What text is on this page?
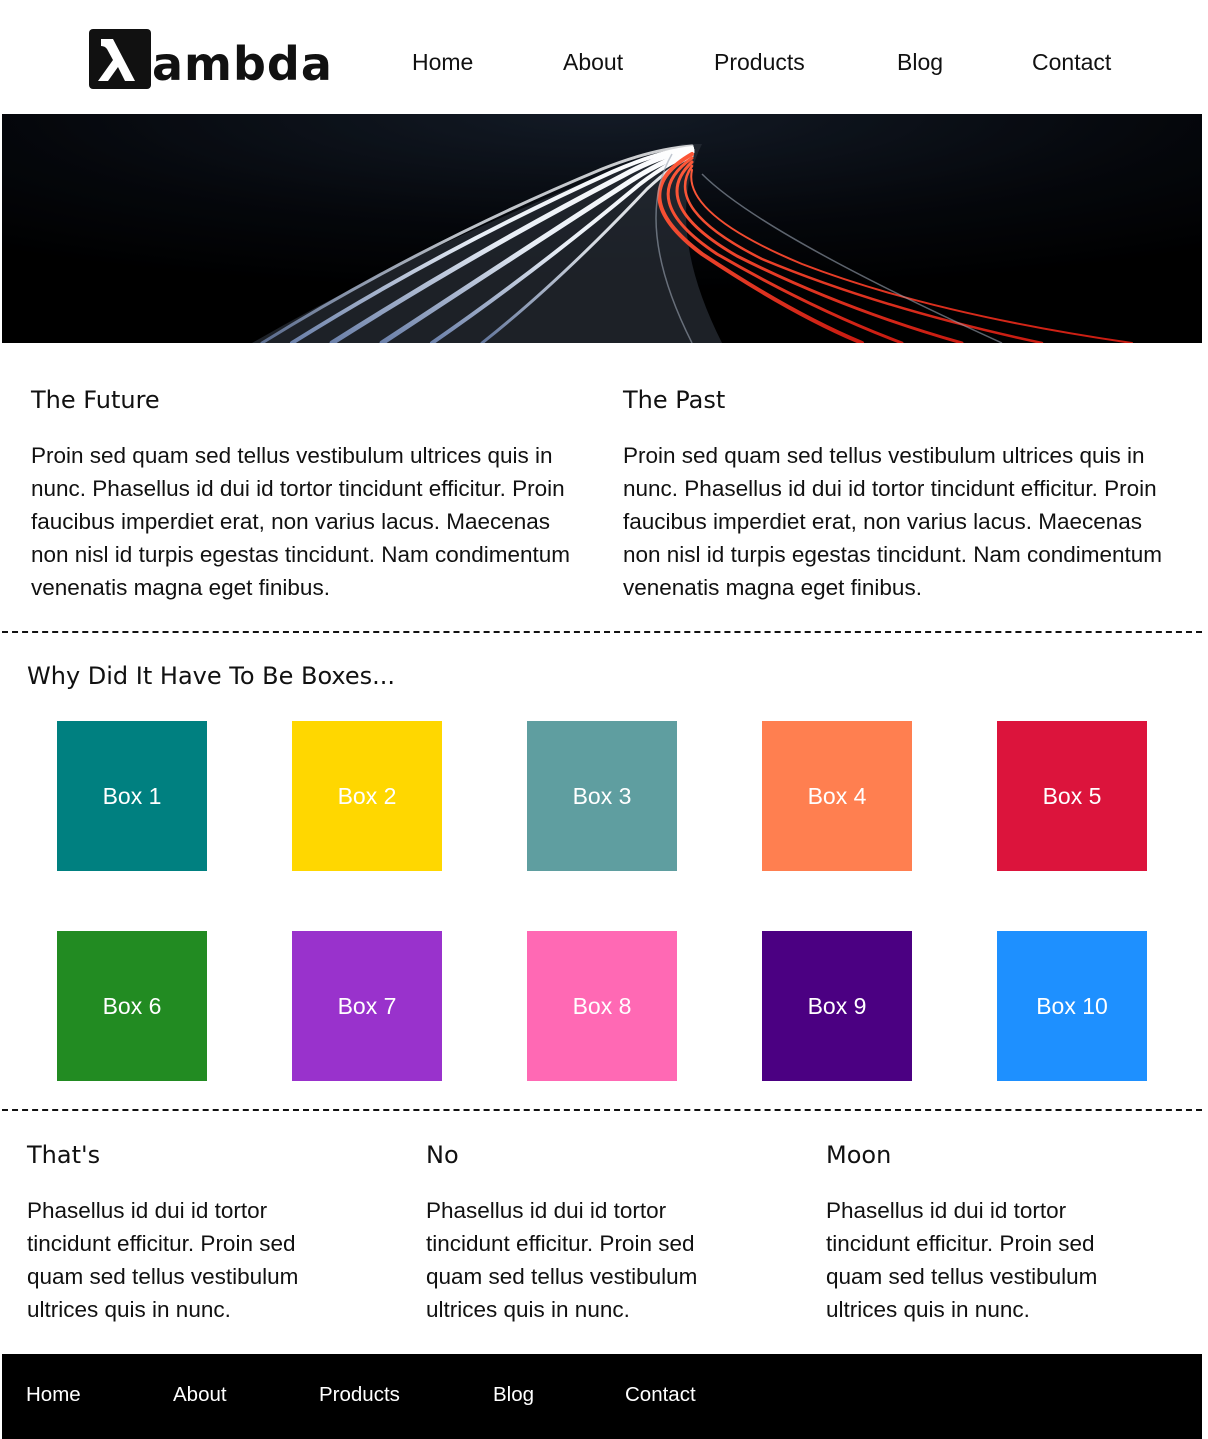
ambda	Home	About	Products	Blog	Contact
The Future

Proin sed quam sed tellus vestibulum ultrices quis in nunc. Phasellus id dui id tortor tincidunt efficitur. Proin faucibus imperdiet erat, non varius lacus. Maecenas non nisl id turpis egestas tincidunt. Nam condimentum venenatis magna eget finibus.

The Past

Proin sed quam sed tellus vestibulum ultrices quis in nunc. Phasellus id dui id tortor tincidunt efficitur. Proin faucibus imperdiet erat, non varius lacus. Maecenas non nisl id turpis egestas tincidunt. Nam condimentum venenatis magna eget finibus.

Why Did It Have To Be Boxes...
Box 1	Box 2	Box 3	Box 4	Box 5
Box 6	Box 7	Box 8	Box 9	Box 10
That's

Phasellus id dui id tortor tincidunt efficitur. Proin sed quam sed tellus vestibulum ultrices quis in nunc.

No

Phasellus id dui id tortor tincidunt efficitur. Proin sed quam sed tellus vestibulum ultrices quis in nunc.

Moon

Phasellus id dui id tortor tincidunt efficitur. Proin sed quam sed tellus vestibulum ultrices quis in nunc.

Home	About	Products	Blog	Contact
